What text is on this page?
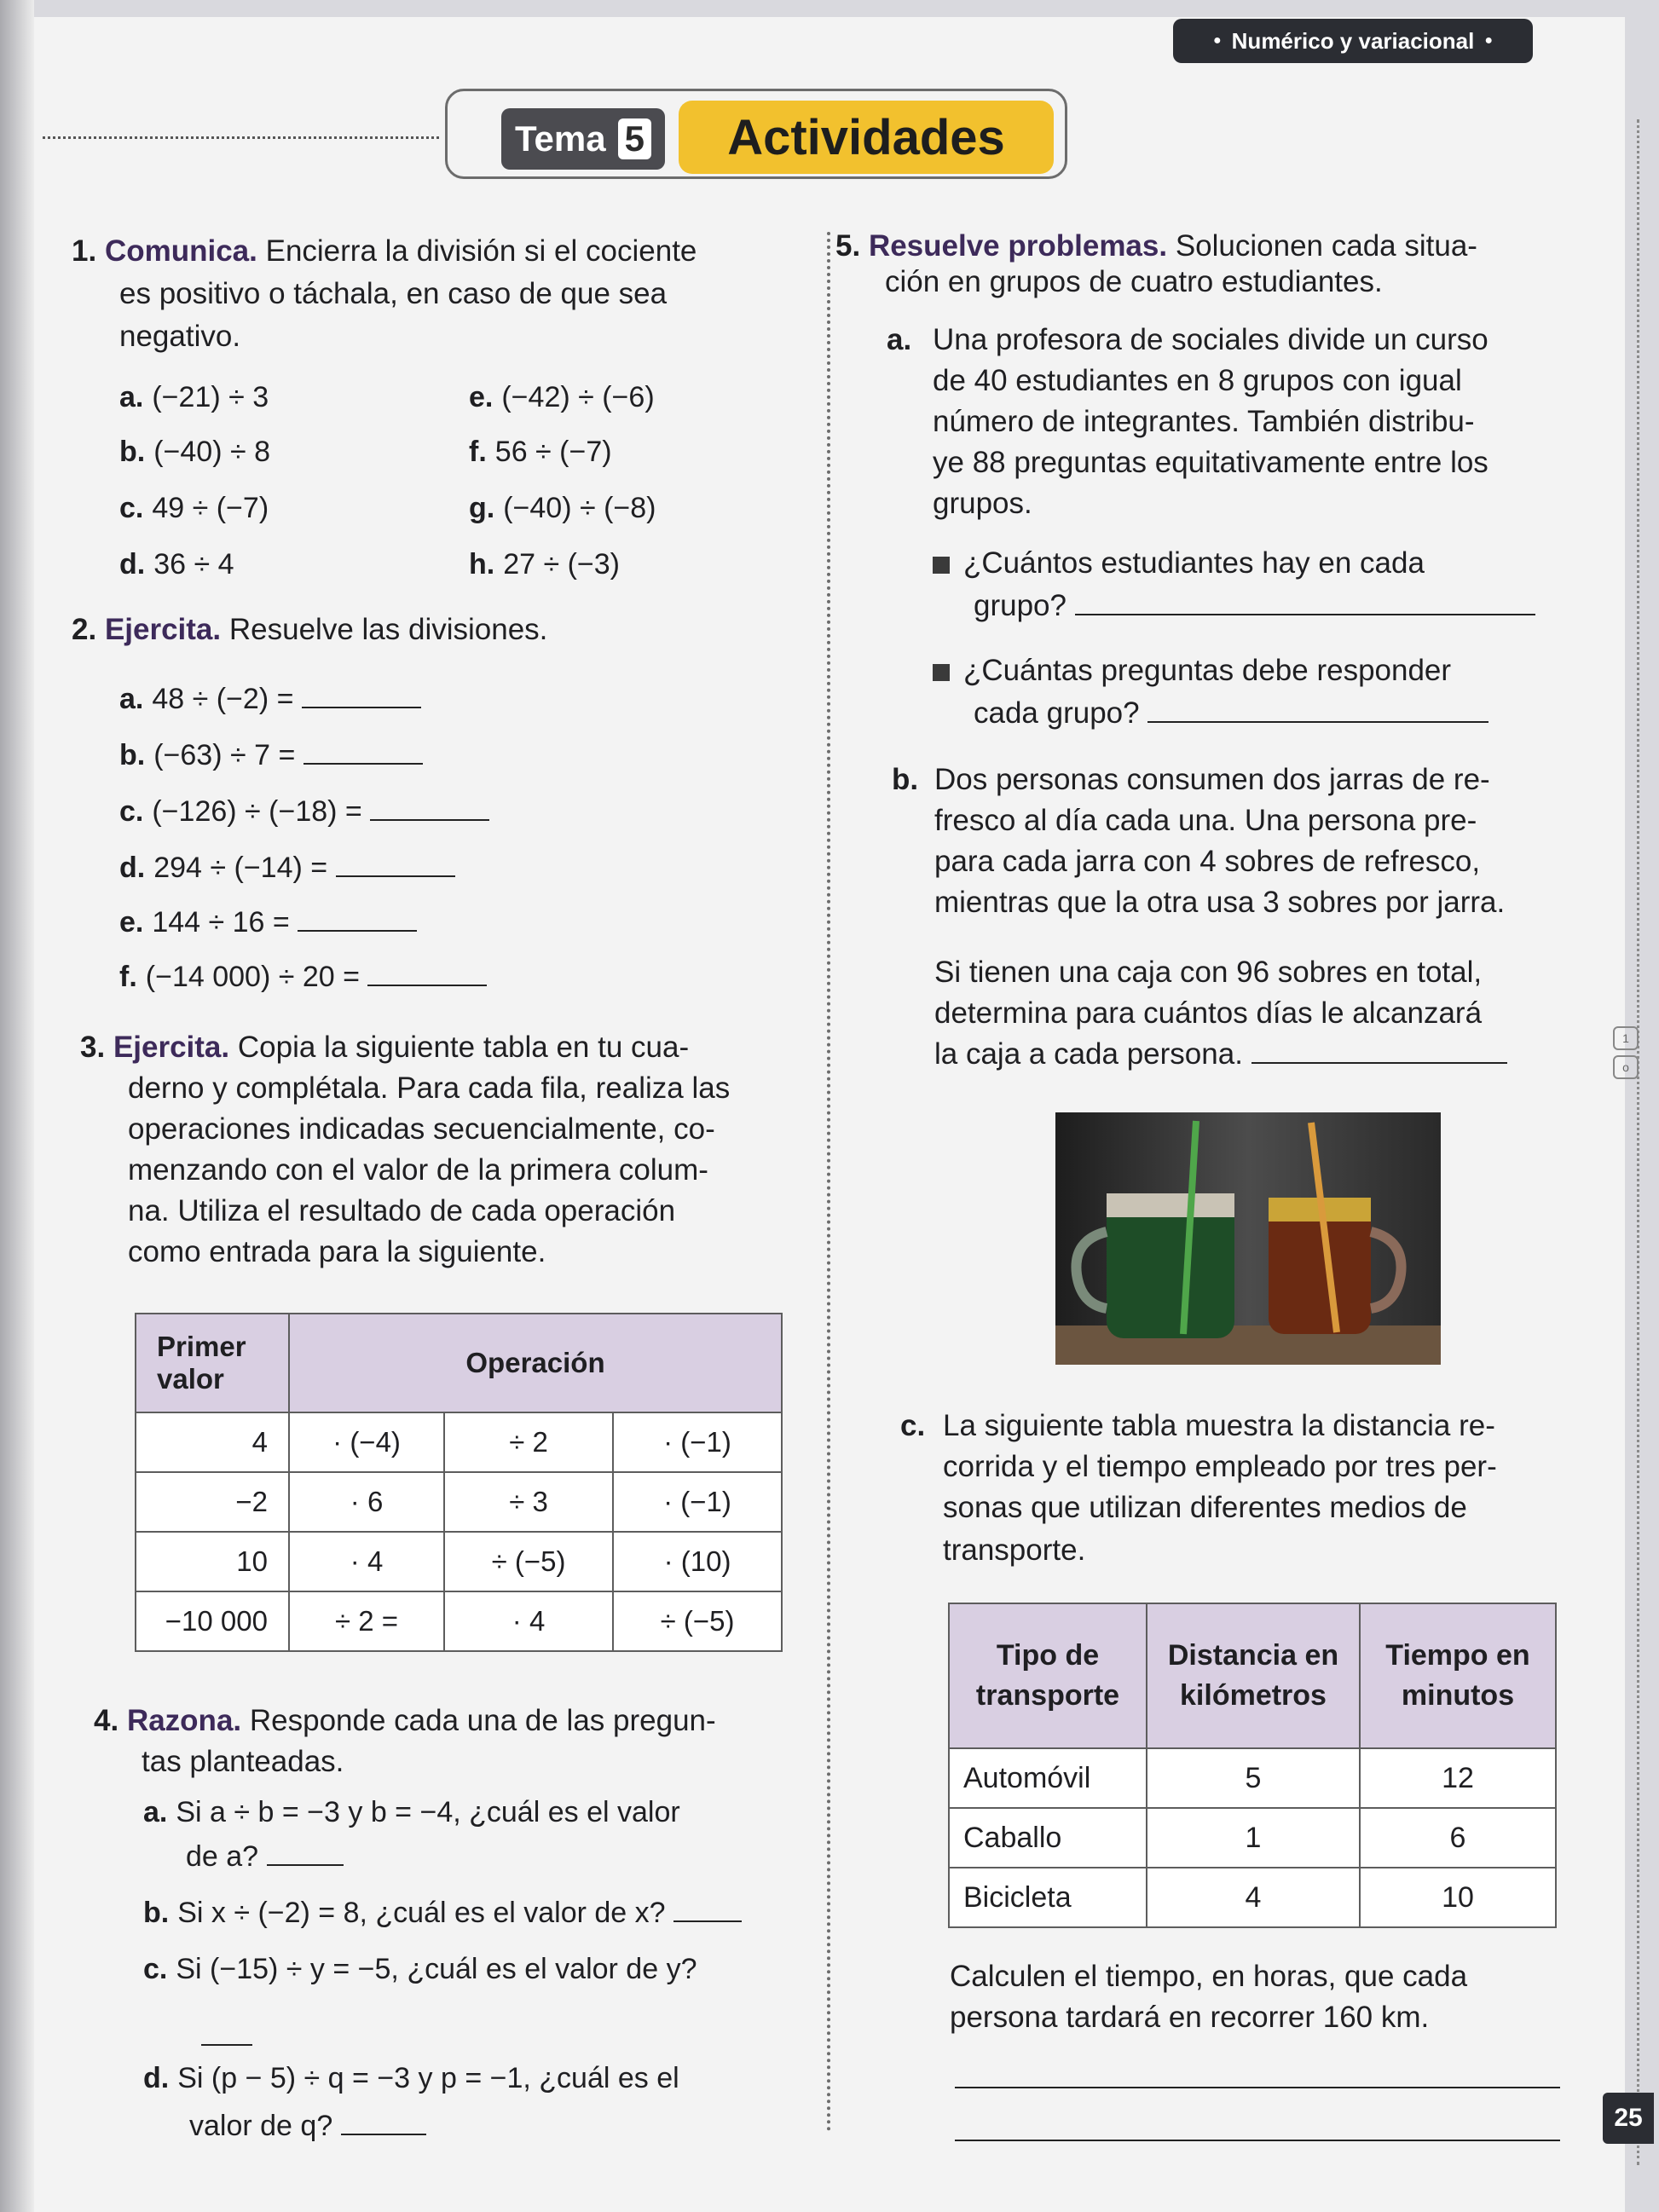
● Numérico y variacional ●
Tema 5	Actividades
1
o
25
1. Comunica. Encierra la división si el cociente
es positivo o táchala, en caso de que sea
negativo.
a. (−21) ÷ 3
b. (−40) ÷ 8
c. 49 ÷ (−7)
d. 36 ÷ 4
e. (−42) ÷ (−6)
f. 56 ÷ (−7)
g. (−40) ÷ (−8)
h. 27 ÷ (−3)
2. Ejercita. Resuelve las divisiones.
a. 48 ÷ (−2) =
b. (−63) ÷ 7 =
c. (−126) ÷ (−18) =
d. 294 ÷ (−14) =
e. 144 ÷ 16 =
f. (−14 000) ÷ 20 =
3. Ejercita. Copia la siguiente tabla en tu cua-
derno y complétala. Para cada fila, realiza las
operaciones indicadas secuencialmente, co-
menzando con el valor de la primera colum-
na. Utiliza el resultado de cada operación
como entrada para la siguiente.
Primer valor	Operación		
4	· (−4)	÷ 2	· (−1)
−2	· 6	÷ 3	· (−1)
10	· 4	÷ (−5)	· (10)
−10 000	÷ 2 =	· 4	÷ (−5)
4. Razona. Responde cada una de las pregun-
tas planteadas.
a. Si a ÷ b = −3 y b = −4, ¿cuál es el valor
de a?
b. Si x ÷ (−2) = 8, ¿cuál es el valor de x?
c. Si (−15) ÷ y = −5, ¿cuál es el valor de y?
d. Si (p − 5) ÷ q = −3 y p = −1, ¿cuál es el
valor de q?
5. Resuelve problemas. Solucionen cada situa-
ción en grupos de cuatro estudiantes.
a. Una profesora de sociales divide un curso
de 40 estudiantes en 8 grupos con igual
número de integrantes. También distribu-
ye 88 preguntas equitativamente entre los
grupos.
¿Cuántos estudiantes hay en cada
grupo?
¿Cuántas preguntas debe responder
cada grupo?
b. Dos personas consumen dos jarras de re-
fresco al día cada una. Una persona pre-
para cada jarra con 4 sobres de refresco,
mientras que la otra usa 3 sobres por jarra.
Si tienen una caja con 96 sobres en total,
determina para cuántos días le alcanzará
la caja a cada persona.
c. La siguiente tabla muestra la distancia re-
corrida y el tiempo empleado por tres per-
sonas que utilizan diferentes medios de
transporte.
Tipo de transporte	Distancia en kilómetros	Tiempo en minutos
Automóvil	5	12
Caballo	1	6
Bicicleta	4	10
Calculen el tiempo, en horas, que cada
persona tardará en recorrer 160 km.
